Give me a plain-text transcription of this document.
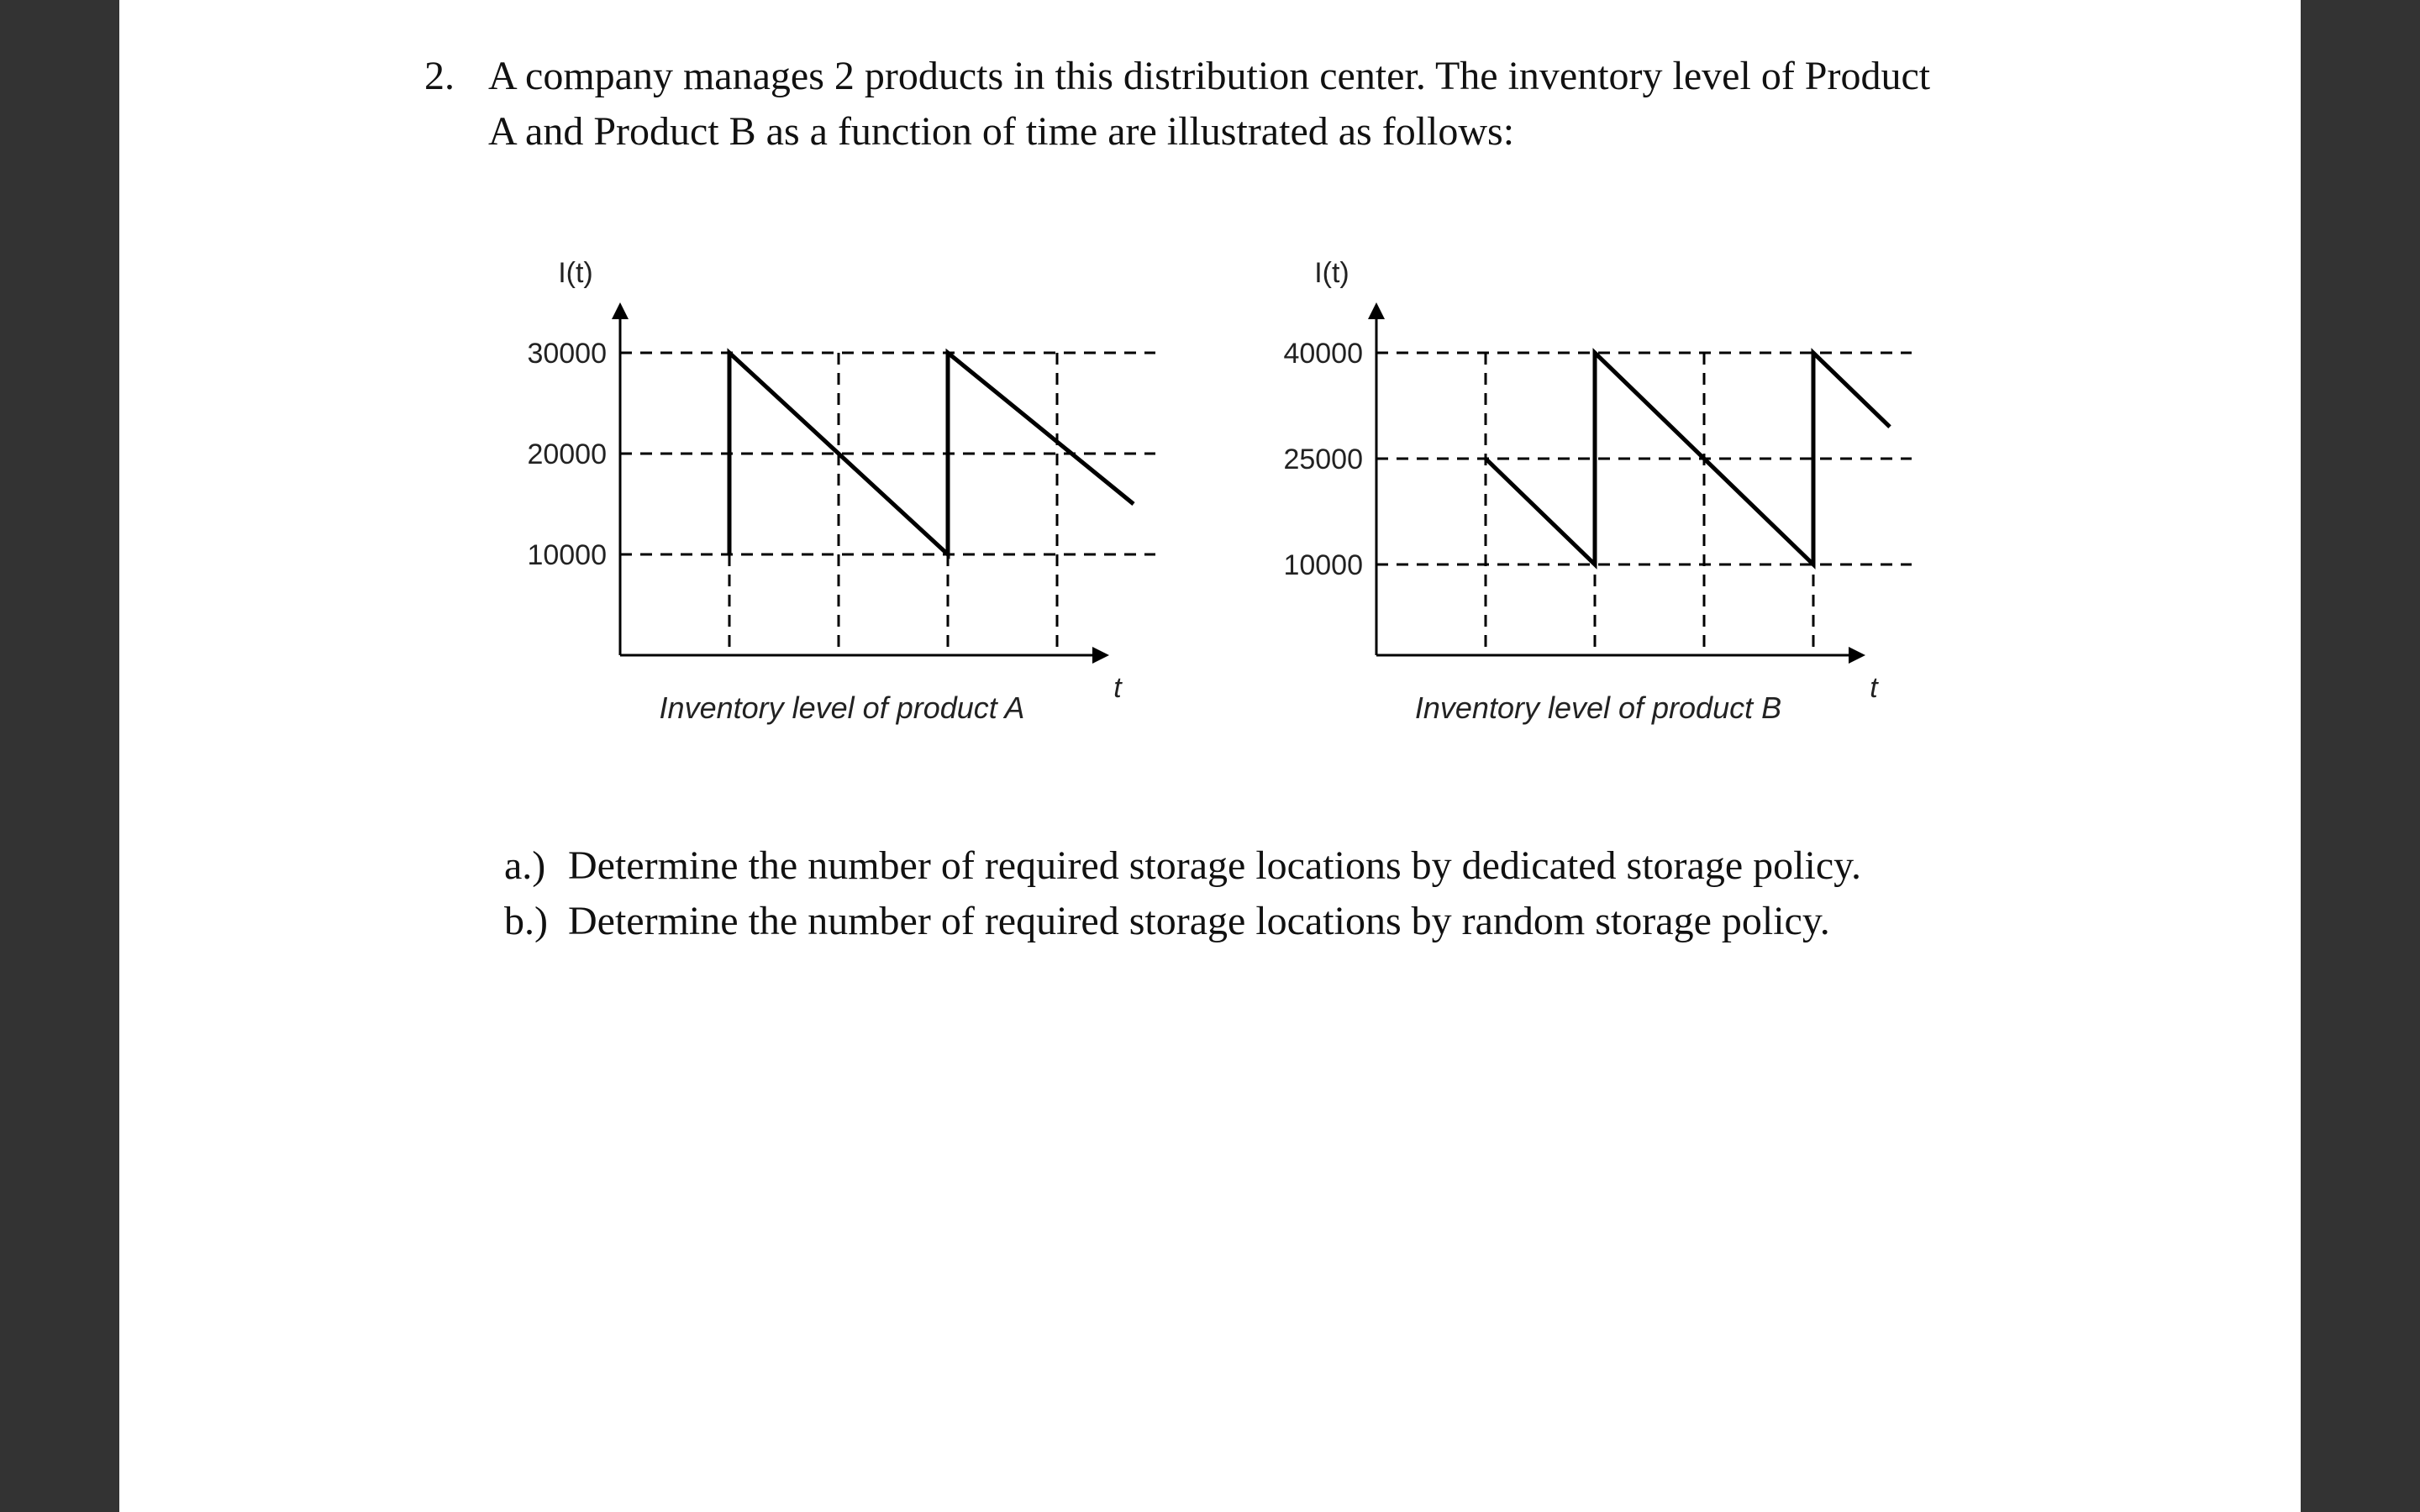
2. A company manages 2 products in this distribution center. The inventory level of Product
A and Product B as a function of time are illustrated as follows:
30000
20000
10000
I(t)
t
Inventory level of product A
40000
25000
10000
I(t)
t
Inventory level of product B
a.) Determine the number of required storage locations by dedicated storage policy.
b.) Determine the number of required storage locations by random storage policy.
